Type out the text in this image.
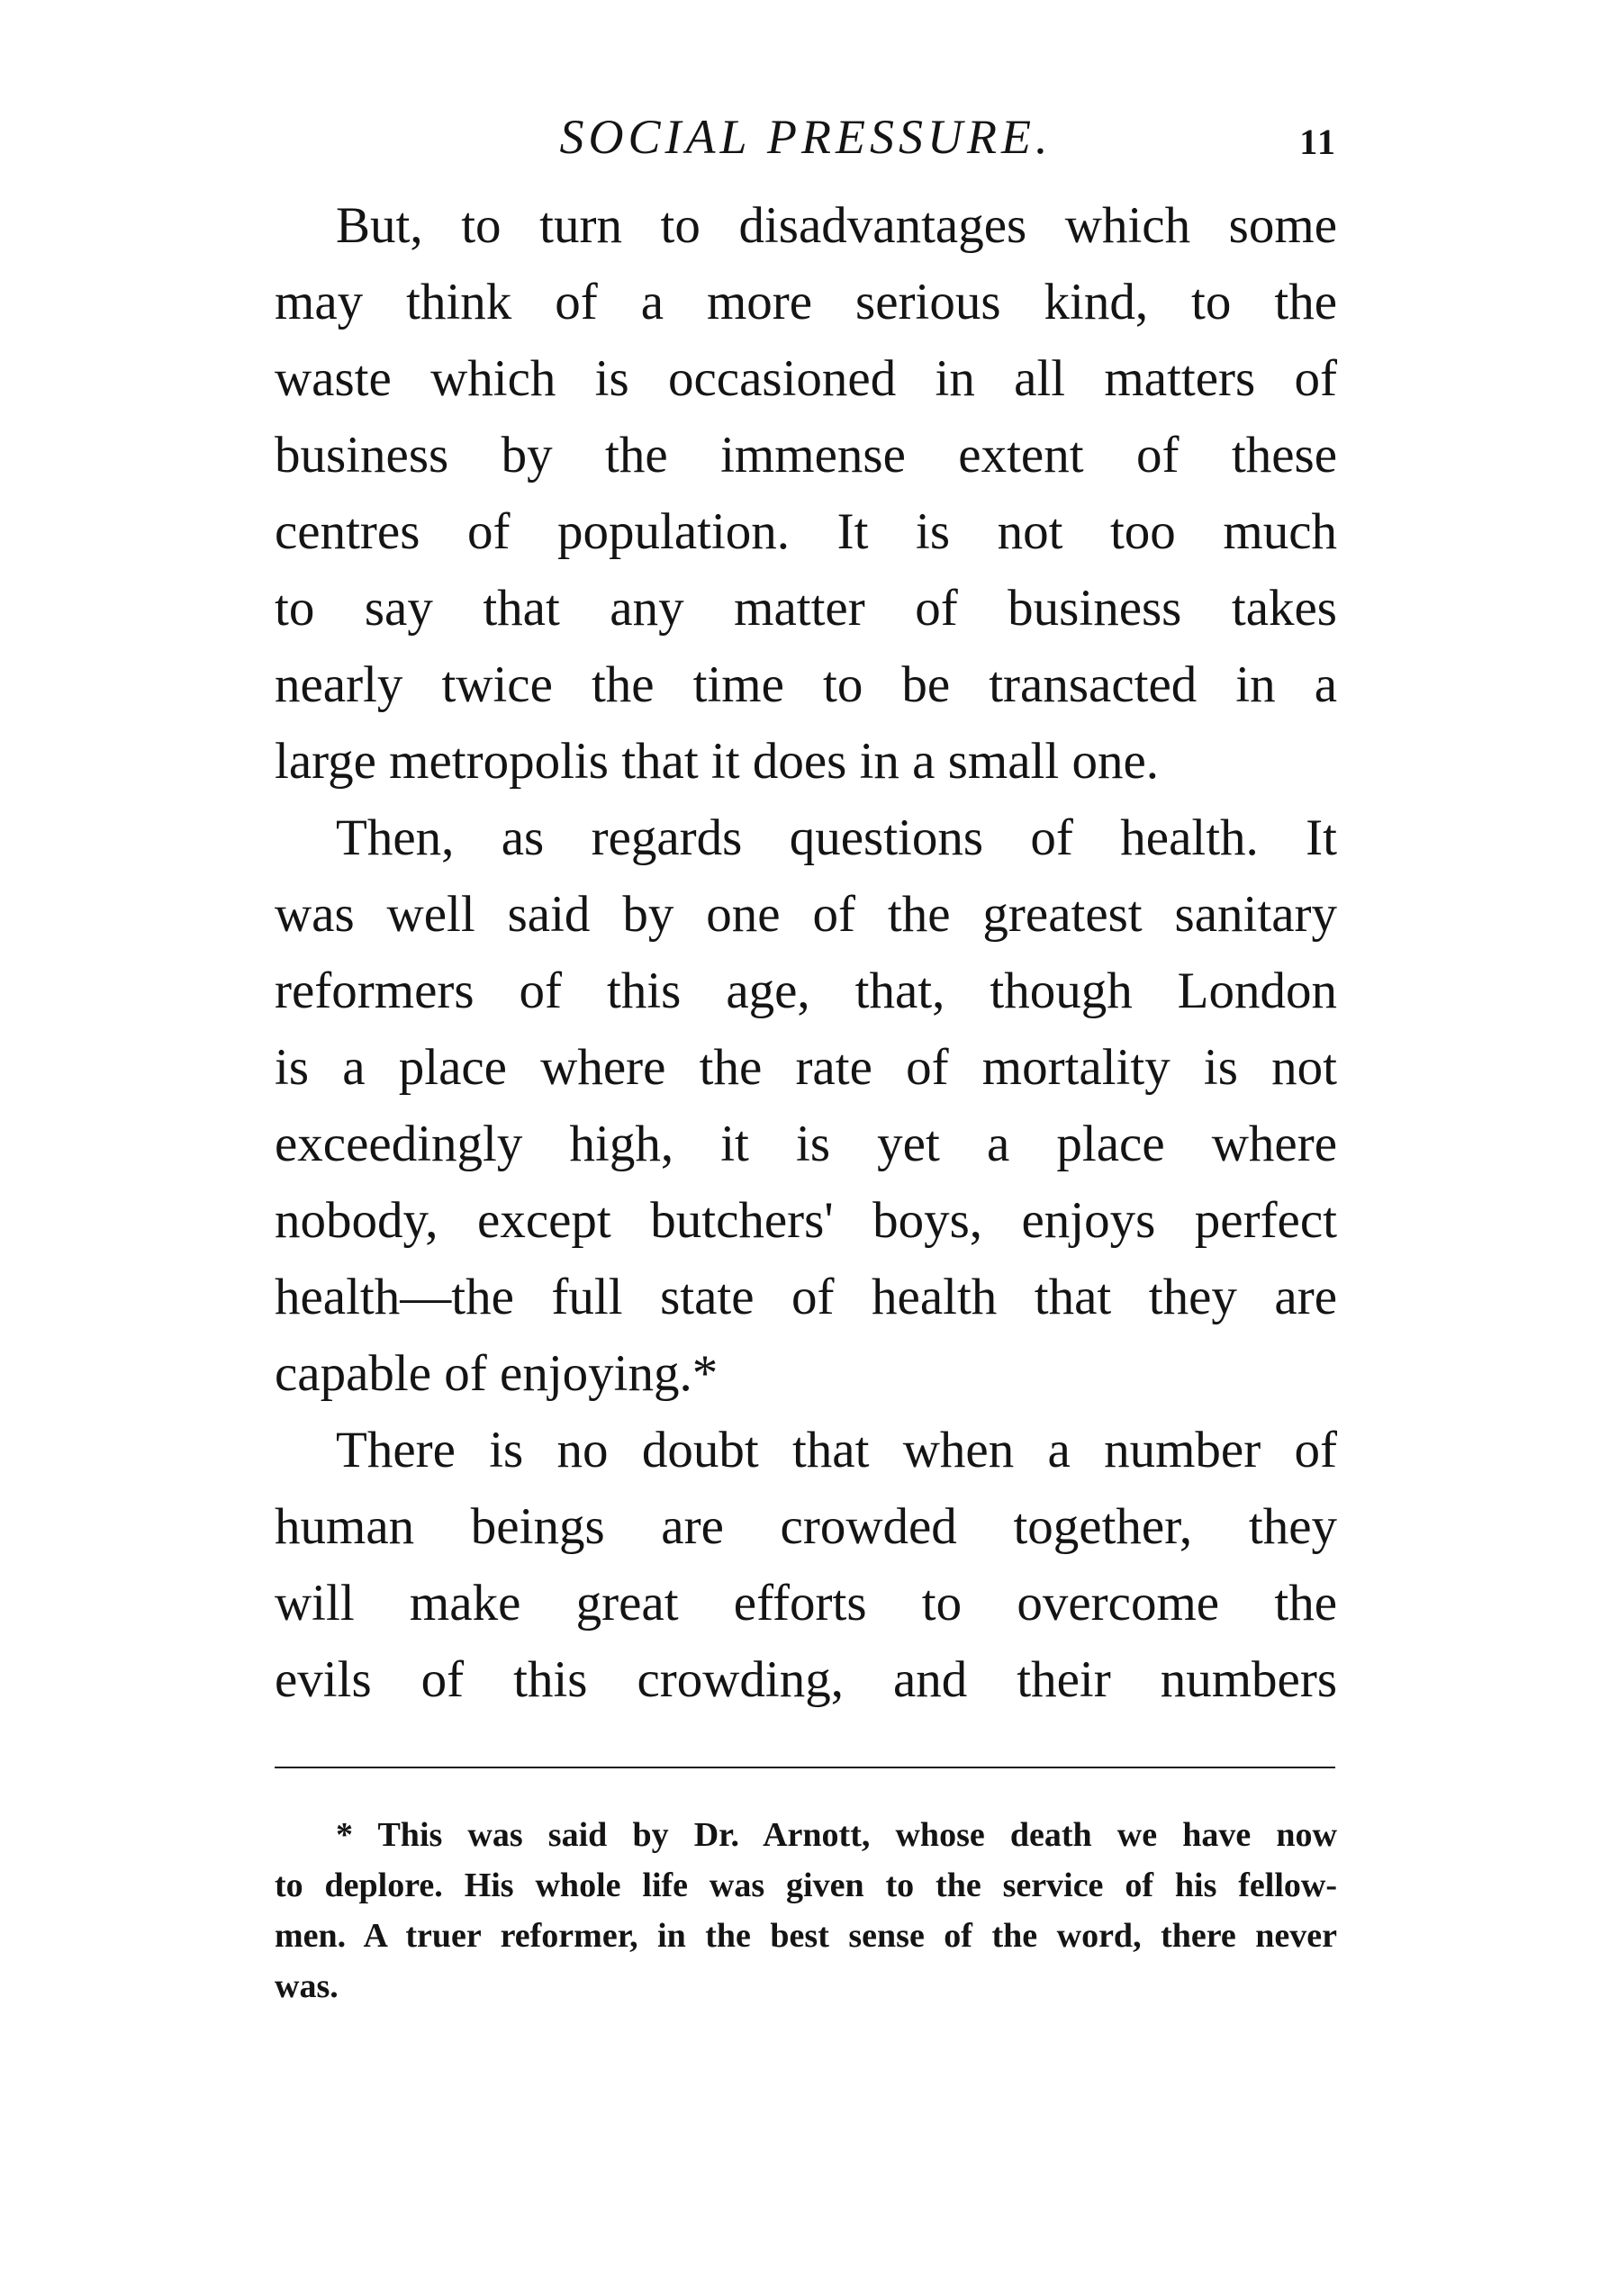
SOCIAL PRESSURE.	11
But, to turn to disadvantages which some
may think of a more serious kind, to the
waste which is occasioned in all matters of
business by the immense extent of these
centres of population. It is not too much
to say that any matter of business takes
nearly twice the time to be transacted in a
large metropolis that it does in a small one.
Then, as regards questions of health. It
was well said by one of the greatest sanitary
reformers of this age, that, though London
is a place where the rate of mortality is not
exceedingly high, it is yet a place where
nobody, except butchers' boys, enjoys perfect
health—the full state of health that they are
capable of enjoying.*
There is no doubt that when a number of
human beings are crowded together, they
will make great efforts to overcome the
evils of this crowding, and their numbers
* This was said by Dr. Arnott, whose death we have now
to deplore. His whole life was given to the service of his fellow-
men. A truer reformer, in the best sense of the word, there never
was.
